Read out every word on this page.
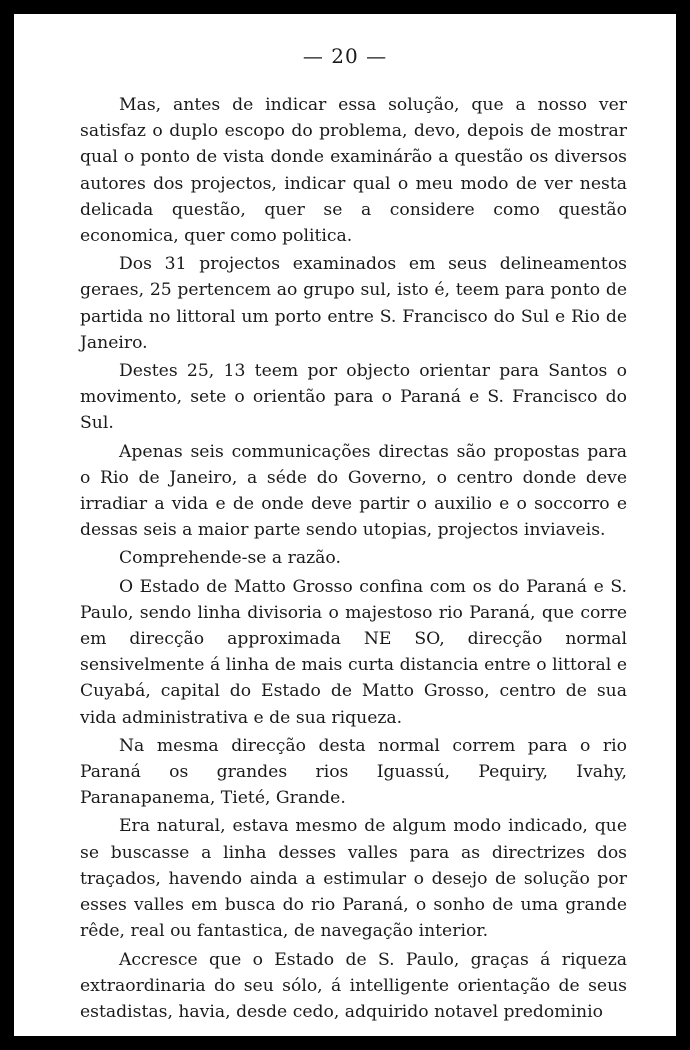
— 20 —

Mas, antes de indicar essa solução, que a nosso ver satisfaz o duplo escopo do problema, devo, depois de mostrar qual o ponto de vista donde examinárão a questão os diversos autores dos projectos, indicar qual o meu modo de ver nesta delicada questão, quer se a considere como questão economica, quer como politica.

Dos 31 projectos examinados em seus delineamentos geraes, 25 pertencem ao grupo sul, isto é, teem para ponto de partida no littoral um porto entre S. Francisco do Sul e Rio de Janeiro.

Destes 25, 13 teem por objecto orientar para Santos o movimento, sete o orientão para o Paraná e S. Francisco do Sul.

Apenas seis communicações directas são propostas para o Rio de Janeiro, a séde do Governo, o centro donde deve irradiar a vida e de onde deve partir o auxilio e o soccorro e dessas seis a maior parte sendo utopias, projectos inviaveis.

Comprehende-se a razão.

O Estado de Matto Grosso confina com os do Paraná e S. Paulo, sendo linha divisoria o majestoso rio Paraná, que corre em direcção approximada NE SO, direcção normal sensivelmente á linha de mais curta distancia entre o littoral e Cuyabá, capital do Estado de Matto Grosso, centro de sua vida administrativa e de sua riqueza.

Na mesma direcção desta normal correm para o rio Paraná os grandes rios Iguassú, Pequiry, Ivahy, Paranapanema, Tieté, Grande.

Era natural, estava mesmo de algum modo indicado, que se buscasse a linha desses valles para as directrizes dos traçados, havendo ainda a estimular o desejo de solução por esses valles em busca do rio Paraná, o sonho de uma grande rêde, real ou fantastica, de navegação interior.

Accresce que o Estado de S. Paulo, graças á riqueza extraordinaria do seu sólo, á intelligente orientação de seus estadistas, havia, desde cedo, adquirido notavel predominio
